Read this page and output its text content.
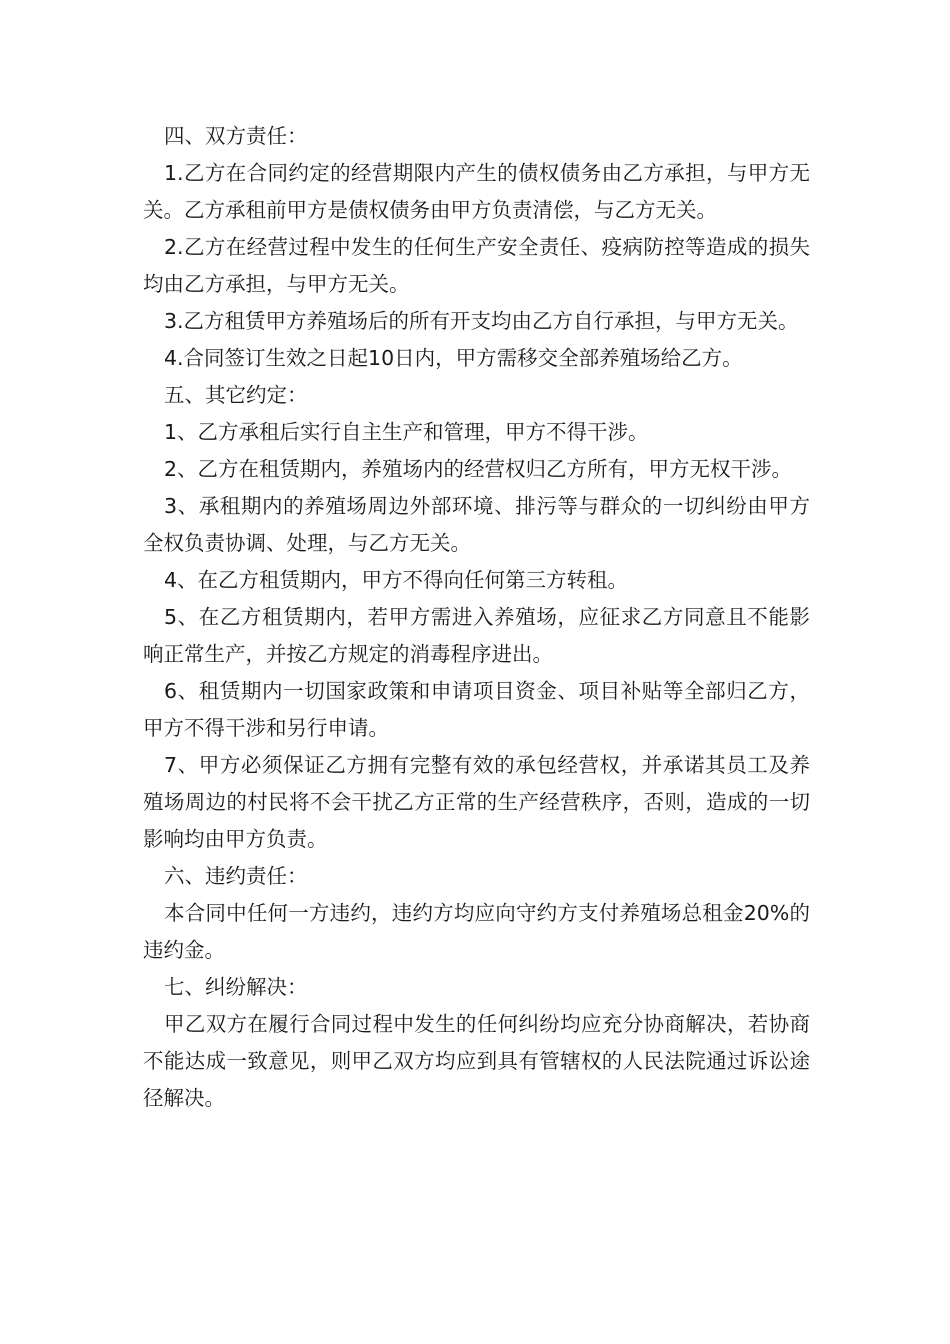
四、双方责任：

1.乙方在合同约定的经营期限内产生的债权债务由乙方承担，与甲方无关。乙方承租前甲方是债权债务由甲方负责清偿，与乙方无关。

2.乙方在经营过程中发生的任何生产安全责任、疫病防控等造成的损失均由乙方承担，与甲方无关。

3.乙方租赁甲方养殖场后的所有开支均由乙方自行承担，与甲方无关。

4.合同签订生效之日起10日内，甲方需移交全部养殖场给乙方。

五、其它约定：

1、乙方承租后实行自主生产和管理，甲方不得干涉。

2、乙方在租赁期内，养殖场内的经营权归乙方所有，甲方无权干涉。

3、承租期内的养殖场周边外部环境、排污等与群众的一切纠纷由甲方全权负责协调、处理，与乙方无关。

4、在乙方租赁期内，甲方不得向任何第三方转租。

5、在乙方租赁期内，若甲方需进入养殖场，应征求乙方同意且不能影响正常生产，并按乙方规定的消毒程序进出。

6、租赁期内一切国家政策和申请项目资金、项目补贴等全部归乙方，甲方不得干涉和另行申请。

7、甲方必须保证乙方拥有完整有效的承包经营权，并承诺其员工及养殖场周边的村民将不会干扰乙方正常的生产经营秩序，否则，造成的一切影响均由甲方负责。

六、违约责任：

本合同中任何一方违约，违约方均应向守约方支付养殖场总租金20%的违约金。

七、纠纷解决：

甲乙双方在履行合同过程中发生的任何纠纷均应充分协商解决，若协商不能达成一致意见，则甲乙双方均应到具有管辖权的人民法院通过诉讼途径解决。
